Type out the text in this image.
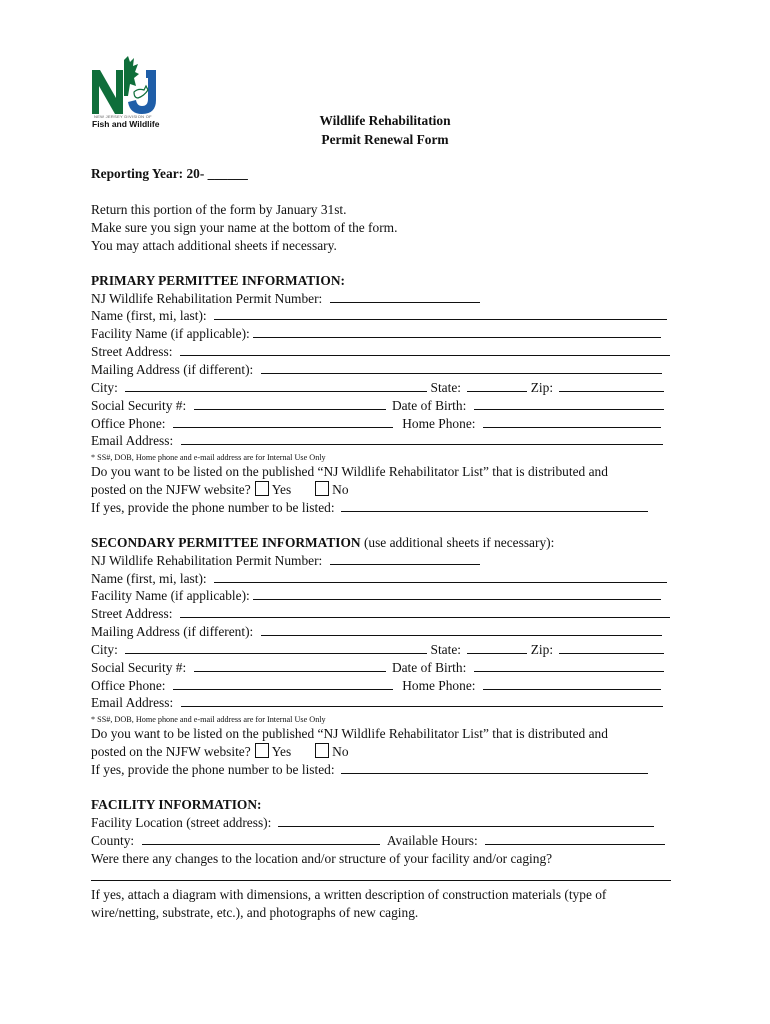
NEW JERSEY DIVISION OF
Fish and Wildlife	Wildlife Rehabilitation
Permit Renewal Form
Reporting Year: 20- ______
Return this portion of the form by January 31st.
Make sure you sign your name at the bottom of the form.
You may attach additional sheets if necessary.
PRIMARY PERMITTEE INFORMATION:
NJ Wildlife Rehabilitation Permit Number:
Name (first, mi, last):
Facility Name (if applicable):
Street Address:
Mailing Address (if different):
City:	State:	Zip:
Social Security #:	Date of Birth:
Office Phone:	Home Phone:
Email Address:
* SS#, DOB, Home phone and e-mail address are for Internal Use Only
Do you want to be listed on the published “NJ Wildlife Rehabilitator List” that is distributed and
posted on the NJFW website? Yes	No
If yes, provide the phone number to be listed:
SECONDARY PERMITTEE INFORMATION (use additional sheets if necessary):
NJ Wildlife Rehabilitation Permit Number:
Name (first, mi, last):
Facility Name (if applicable):
Street Address:
Mailing Address (if different):
City:	State:	Zip:
Social Security #:	Date of Birth:
Office Phone:	Home Phone:
Email Address:
* SS#, DOB, Home phone and e-mail address are for Internal Use Only
Do you want to be listed on the published “NJ Wildlife Rehabilitator List” that is distributed and
posted on the NJFW website? Yes	No
If yes, provide the phone number to be listed:
FACILITY INFORMATION:
Facility Location (street address):
County:	Available Hours:
Were there any changes to the location and/or structure of your facility and/or caging?
If yes, attach a diagram with dimensions, a written description of construction materials (type of
wire/netting, substrate, etc.), and photographs of new caging.
